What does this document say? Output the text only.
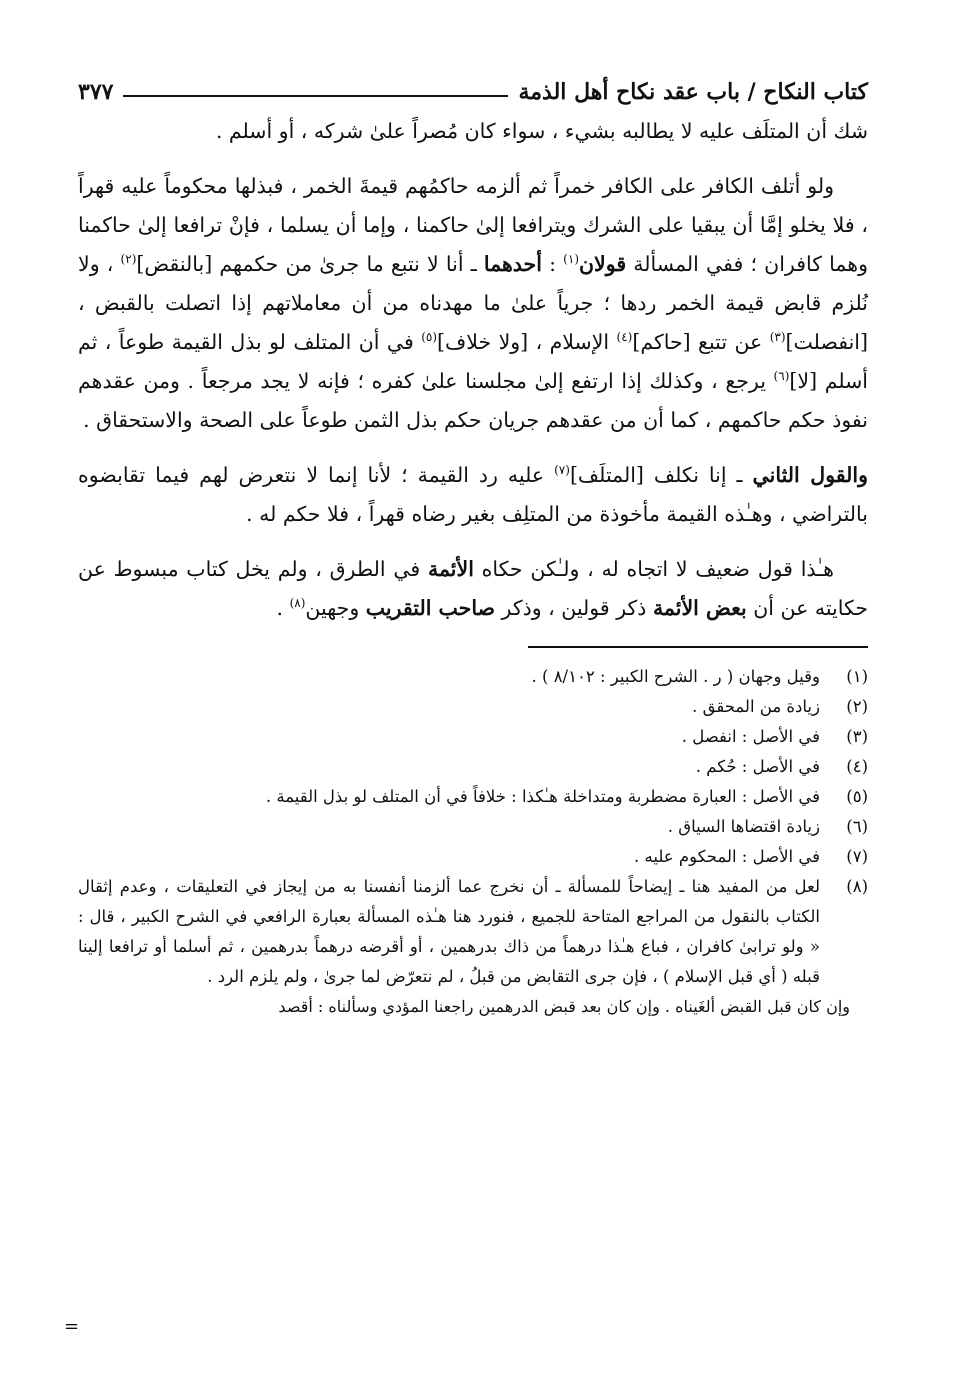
كتاب النكاح / باب عقد نكاح أهل الذمة
٣٧٧

شك أن المتلَف عليه لا يطالبه بشيء ، سواء كان مُصراً علىٰ شركه ، أو أسلم .

ولو أتلف الكافر على الكافر خمراً ثم ألزمه حاكمُهم قيمةَ الخمر ، فبذلها محكوماً عليه قهراً ، فلا يخلو إمَّا أن يبقيا على الشرك ويترافعا إلىٰ حاكمنا ، وإما أن يسلما ، فإنْ ترافعا إلىٰ حاكمنا وهما كافران ؛ ففي المسألة قولان$^{(١)}$ : أحدهما ـ أنا لا نتبع ما جرىٰ من حكمهم [بالنقض]$^{(٢)}$ ، ولا نُلزم قابض قيمة الخمر ردها ؛ جرياً علىٰ ما مهدناه من أن معاملاتهم إذا اتصلت بالقبض ، [انفصلت]$^{(٣)}$ عن تتبع [حاكم]$^{(٤)}$ الإسلام ، [ولا خلاف]$^{(٥)}$ في أن المتلف لو بذل القيمة طوعاً ، ثم أسلم [لا]$^{(٦)}$ يرجع ، وكذلك إذا ارتفع إلىٰ مجلسنا علىٰ كفره ؛ فإنه لا يجد مرجعاً . ومن عقدهم نفوذ حكم حاكمهم ، كما أن من عقدهم جريان حكم بذل الثمن طوعاً على الصحة والاستحقاق .

والقول الثاني ـ إنا نكلف [المتلَف]$^{(٧)}$ عليه رد القيمة ؛ لأنا إنما لا نتعرض لهم فيما تقابضوه بالتراضي ، وهـٰذه القيمة مأخوذة من المتلِف بغير رضاه قهراً ، فلا حكم له .

هـٰذا قول ضعيف لا اتجاه له ، ولـٰكن حكاه الأئمة في الطرق ، ولم يخل كتاب مبسوط عن حكايته عن أن بعض الأئمة ذكر قولين ، وذكر صاحب التقريب وجهين$^{(٨)}$ .

(١)
وقيل وجهان ( ر . الشرح الكبير : ٨/١٠٢ ) .
(٢)
زيادة من المحقق .
(٣)
في الأصل : انفصل .
(٤)
في الأصل : حُكم .
(٥)
في الأصل : العبارة مضطربة ومتداخلة هـٰكذا : خلافاً في أن المتلف لو بذل القيمة .
(٦)
زيادة اقتضاها السياق .
(٧)
في الأصل : المحكوم عليه .
(٨)
لعل من المفيد هنا ـ إيضاحاً للمسألة ـ أن نخرج عما ألزمنا أنفسنا به من إيجاز في التعليقات ، وعدم إثقال الكتاب بالنقول من المراجع المتاحة للجميع ، فنورد هنا هـٰذه المسألة بعبارة الرافعي في الشرح الكبير ، قال : « ولو ترابىٰ كافران ، فباع هـٰذا درهماً من ذاك بدرهمين ، أو أقرضه درهماً بدرهمين ، ثم أسلما أو ترافعا إلينا قبله ( أي قبل الإسلام ) ، فإن جرى التقابض من قبلُ ، لم نتعرّض لما جرىٰ ، ولم يلزم الرد .
وإن كان قبل القبض ألغَيناه . وإن كان بعد قبض الدرهمين راجعنا المؤدي وسألناه : أقصد
=
